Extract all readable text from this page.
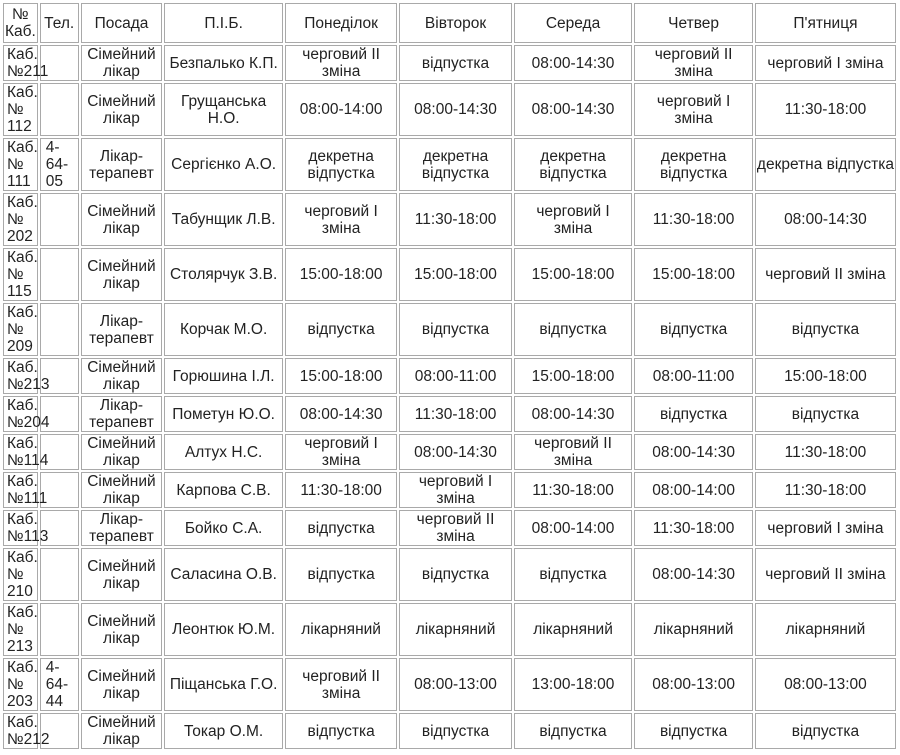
№ Каб.	Тел.	Посада	П.І.Б.	Понеділок	Вівторок	Середа	Четвер	П'ятниця
Каб. №211		Сімейний лікар	Безпалько К.П.	черговий ІІ зміна	відпустка	08:00-14:30	черговий ІІ зміна	черговий І зміна
Каб. № 112		Сімейний лікар	Грущанська Н.О.	08:00-14:00	08:00-14:30	08:00-14:30	черговий І зміна	11:30-18:00
Каб. № 111	4-64-05	Лікар-терапевт	Сергієнко А.О.	декретна відпустка	декретна відпустка	декретна відпустка	декретна відпустка	декретна відпустка
Каб. № 202		Сімейний лікар	Табунщик Л.В.	черговий І зміна	11:30-18:00	черговий І зміна	11:30-18:00	08:00-14:30
Каб. № 115		Сімейний лікар	Столярчук З.В.	15:00-18:00	15:00-18:00	15:00-18:00	15:00-18:00	черговий ІІ зміна
Каб. № 209		Лікар-терапевт	Корчак М.О.	відпустка	відпустка	відпустка	відпустка	відпустка
Каб. №213		Сімейний лікар	Горюшина І.Л.	15:00-18:00	08:00-11:00	15:00-18:00	08:00-11:00	15:00-18:00
Каб. №204		Лікар-терапевт	Пометун Ю.О.	08:00-14:30	11:30-18:00	08:00-14:30	відпустка	відпустка
Каб. №114		Сімейний лікар	Алтух Н.С.	черговий І зміна	08:00-14:30	черговий ІІ зміна	08:00-14:30	11:30-18:00
Каб. №111		Сімейний лікар	Карпова С.В.	11:30-18:00	черговий І зміна	11:30-18:00	08:00-14:00	11:30-18:00
Каб. №113		Лікар-терапевт	Бойко С.А.	відпустка	черговий ІІ зміна	08:00-14:00	11:30-18:00	черговий І зміна
Каб. № 210		Сімейний лікар	Саласина О.В.	відпустка	відпустка	відпустка	08:00-14:30	черговий ІІ зміна
Каб. № 213		Сімейний лікар	Леонтюк Ю.М.	лікарняний	лікарняний	лікарняний	лікарняний	лікарняний
Каб. № 203	4-64-44	Сімейний лікар	Піщанська Г.О.	черговий ІІ зміна	08:00-13:00	13:00-18:00	08:00-13:00	08:00-13:00
Каб. №212		Сімейний лікар	Токар О.М.	відпустка	відпустка	відпустка	відпустка	відпустка
